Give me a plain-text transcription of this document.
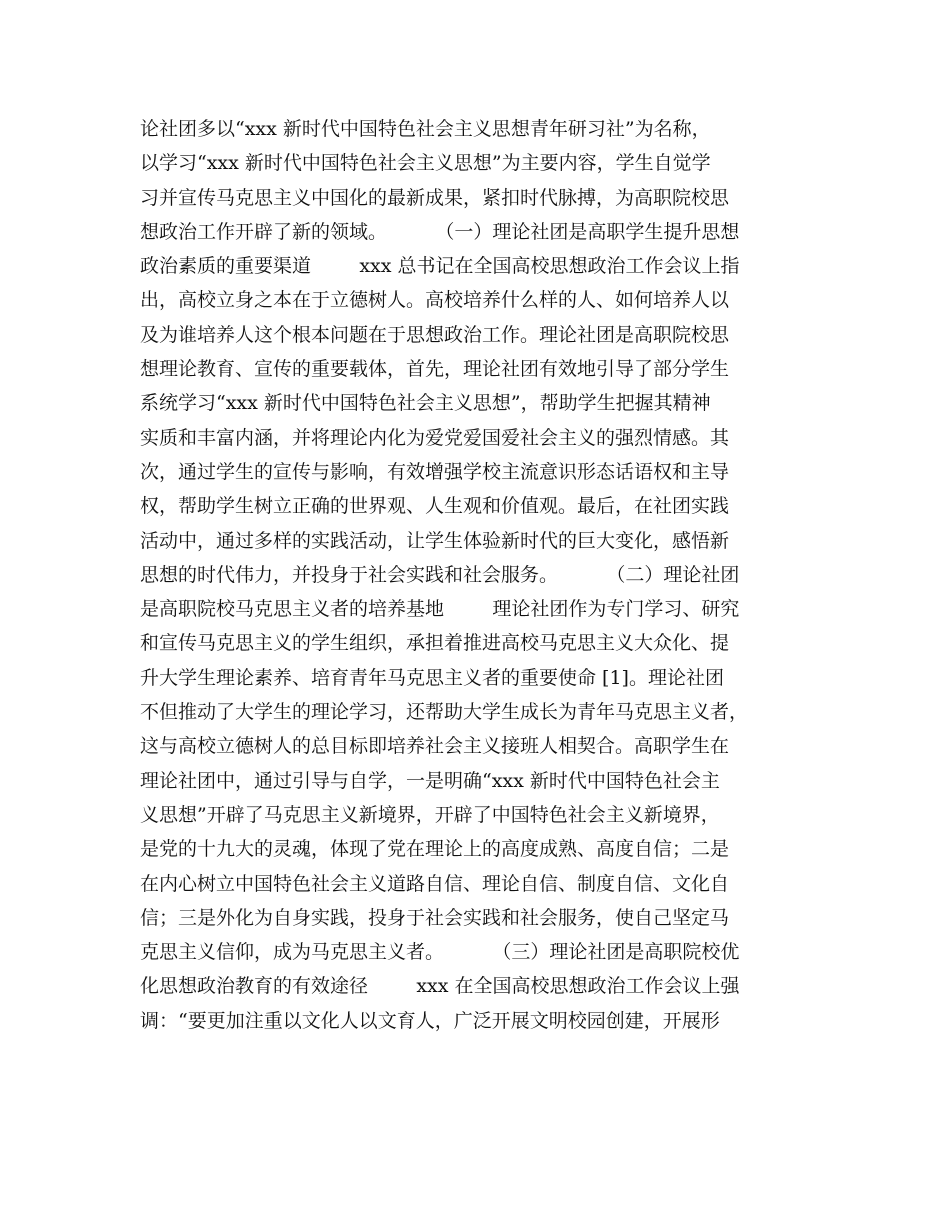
论社团多以“xxx 新时代中国特色社会主义思想青年研习社”为名称，
以学习“xxx 新时代中国特色社会主义思想”为主要内容，学生自觉学
习并宣传马克思主义中国化的最新成果，紧扣时代脉搏，为高职院校思
想政治工作开辟了新的领域。        （一）理论社团是高职学生提升思想
政治素质的重要渠道        xxx 总书记在全国高校思想政治工作会议上指
出，高校立身之本在于立德树人。高校培养什么样的人、如何培养人以
及为谁培养人这个根本问题在于思想政治工作。理论社团是高职院校思
想理论教育、宣传的重要载体，首先，理论社团有效地引导了部分学生
系统学习“xxx 新时代中国特色社会主义思想”，帮助学生把握其精神
实质和丰富内涵，并将理论内化为爱党爱国爱社会主义的强烈情感。其
次，通过学生的宣传与影响，有效增强学校主流意识形态话语权和主导
权，帮助学生树立正确的世界观、人生观和价值观。最后，在社团实践
活动中，通过多样的实践活动，让学生体验新时代的巨大变化，感悟新
思想的时代伟力，并投身于社会实践和社会服务。        （二）理论社团
是高职院校马克思主义者的培养基地        理论社团作为专门学习、研究
和宣传马克思主义的学生组织，承担着推进高校马克思主义大众化、提
升大学生理论素养、培育青年马克思主义者的重要使命 [1]。理论社团
不但推动了大学生的理论学习，还帮助大学生成长为青年马克思主义者，
这与高校立德树人的总目标即培养社会主义接班人相契合。高职学生在
理论社团中，通过引导与自学，一是明确“xxx 新时代中国特色社会主
义思想”开辟了马克思主义新境界，开辟了中国特色社会主义新境界，
是党的十九大的灵魂，体现了党在理论上的高度成熟、高度自信；二是
在内心树立中国特色社会主义道路自信、理论自信、制度自信、文化自
信；三是外化为自身实践，投身于社会实践和社会服务，使自己坚定马
克思主义信仰，成为马克思主义者。        （三）理论社团是高职院校优
化思想政治教育的有效途径        xxx 在全国高校思想政治工作会议上强
调：“要更加注重以文化人以文育人，广泛开展文明校园创建，开展形
